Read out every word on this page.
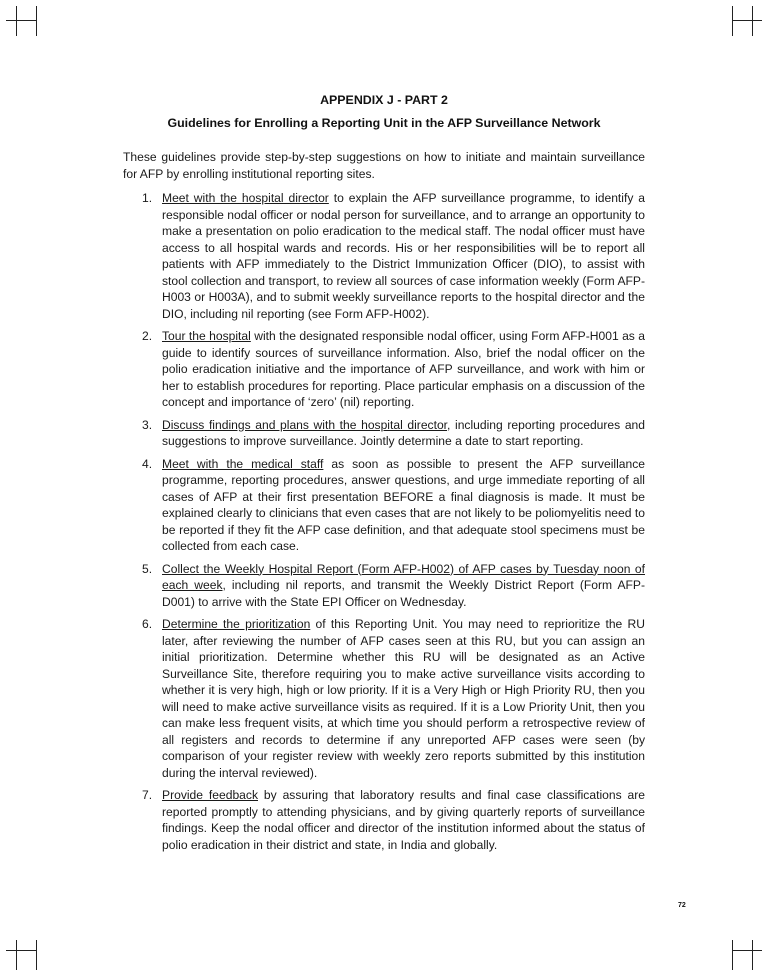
APPENDIX J - PART 2
Guidelines for Enrolling a Reporting Unit in the AFP Surveillance Network
These guidelines provide step-by-step suggestions on how to initiate and maintain surveillance for AFP by enrolling institutional reporting sites.
1. Meet with the hospital director to explain the AFP surveillance programme, to identify a responsible nodal officer or nodal person for surveillance, and to arrange an opportunity to make a presentation on polio eradication to the medical staff. The nodal officer must have access to all hospital wards and records. His or her responsibilities will be to report all patients with AFP immediately to the District Immunization Officer (DIO), to assist with stool collection and transport, to review all sources of case information weekly (Form AFP-H003 or H003A), and to submit weekly surveillance reports to the hospital director and the DIO, including nil reporting (see Form AFP-H002).
2. Tour the hospital with the designated responsible nodal officer, using Form AFP-H001 as a guide to identify sources of surveillance information. Also, brief the nodal officer on the polio eradication initiative and the importance of AFP surveillance, and work with him or her to establish procedures for reporting. Place particular emphasis on a discussion of the concept and importance of ‘zero’ (nil) reporting.
3. Discuss findings and plans with the hospital director, including reporting procedures and suggestions to improve surveillance. Jointly determine a date to start reporting.
4. Meet with the medical staff as soon as possible to present the AFP surveillance programme, reporting procedures, answer questions, and urge immediate reporting of all cases of AFP at their first presentation BEFORE a final diagnosis is made. It must be explained clearly to clinicians that even cases that are not likely to be poliomyelitis need to be reported if they fit the AFP case definition, and that adequate stool specimens must be collected from each case.
5. Collect the Weekly Hospital Report (Form AFP-H002) of AFP cases by Tuesday noon of each week, including nil reports, and transmit the Weekly District Report (Form AFP-D001) to arrive with the State EPI Officer on Wednesday.
6. Determine the prioritization of this Reporting Unit. You may need to reprioritize the RU later, after reviewing the number of AFP cases seen at this RU, but you can assign an initial prioritization. Determine whether this RU will be designated as an Active Surveillance Site, therefore requiring you to make active surveillance visits according to whether it is very high, high or low priority. If it is a Very High or High Priority RU, then you will need to make active surveillance visits as required. If it is a Low Priority Unit, then you can make less frequent visits, at which time you should perform a retrospective review of all registers and records to determine if any unreported AFP cases were seen (by comparison of your register review with weekly zero reports submitted by this institution during the interval reviewed).
7. Provide feedback by assuring that laboratory results and final case classifications are reported promptly to attending physicians, and by giving quarterly reports of surveillance findings. Keep the nodal officer and director of the institution informed about the status of polio eradication in their district and state, in India and globally.
72
